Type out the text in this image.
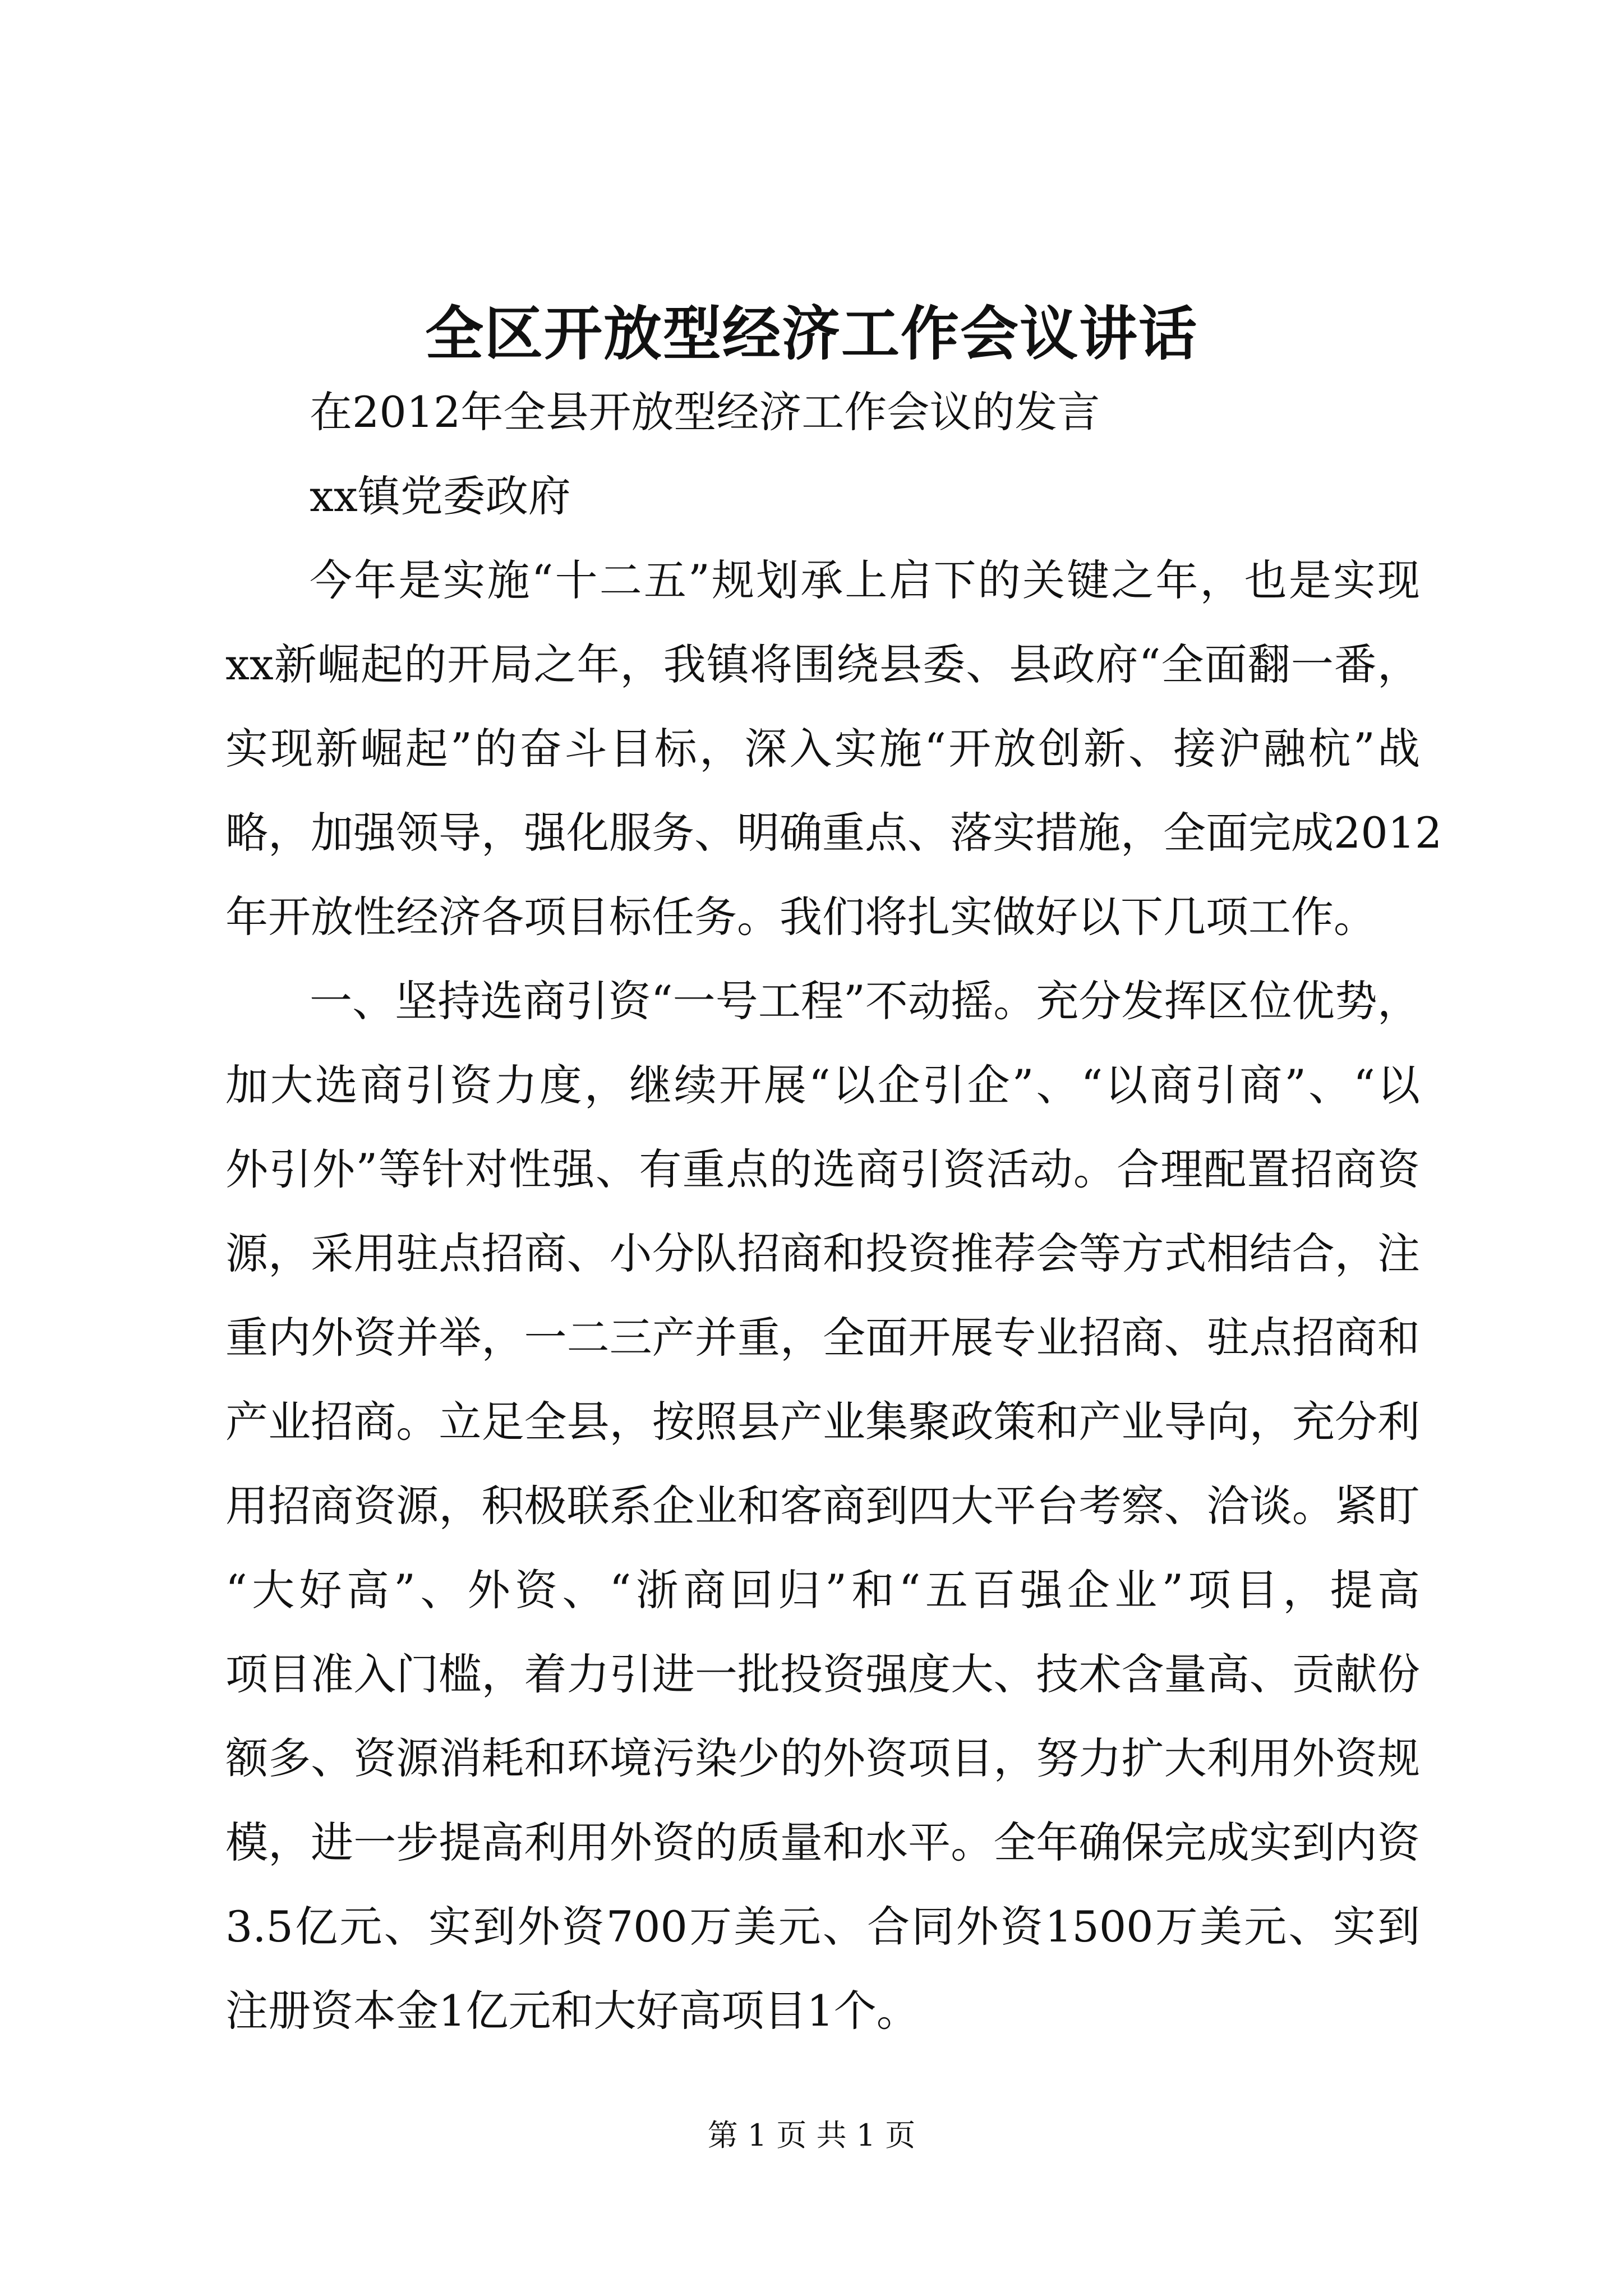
全区开放型经济工作会议讲话
在2012年全县开放型经济工作会议的发言
xx镇党委政府
今年是实施“十二五”规划承上启下的关键之年，也是实现
xx新崛起的开局之年，我镇将围绕县委、县政府“全面翻一番，
实现新崛起”的奋斗目标，深入实施“开放创新、接沪融杭”战
略，加强领导，强化服务、明确重点、落实措施，全面完成2012
年开放性经济各项目标任务。我们将扎实做好以下几项工作。
一、坚持选商引资“一号工程”不动摇。充分发挥区位优势，
加大选商引资力度，继续开展“以企引企”、“以商引商”、“以
外引外”等针对性强、有重点的选商引资活动。合理配置招商资
源，采用驻点招商、小分队招商和投资推荐会等方式相结合，注
重内外资并举，一二三产并重，全面开展专业招商、驻点招商和
产业招商。立足全县，按照县产业集聚政策和产业导向，充分利
用招商资源，积极联系企业和客商到四大平台考察、洽谈。紧盯
“大好高”、外资、“浙商回归”和“五百强企业”项目，提高
项目准入门槛，着力引进一批投资强度大、技术含量高、贡献份
额多、资源消耗和环境污染少的外资项目，努力扩大利用外资规
模，进一步提高利用外资的质量和水平。全年确保完成实到内资
3.5亿元、实到外资700万美元、合同外资1500万美元、实到
注册资本金1亿元和大好高项目1个。
第 1 页 共 1 页
